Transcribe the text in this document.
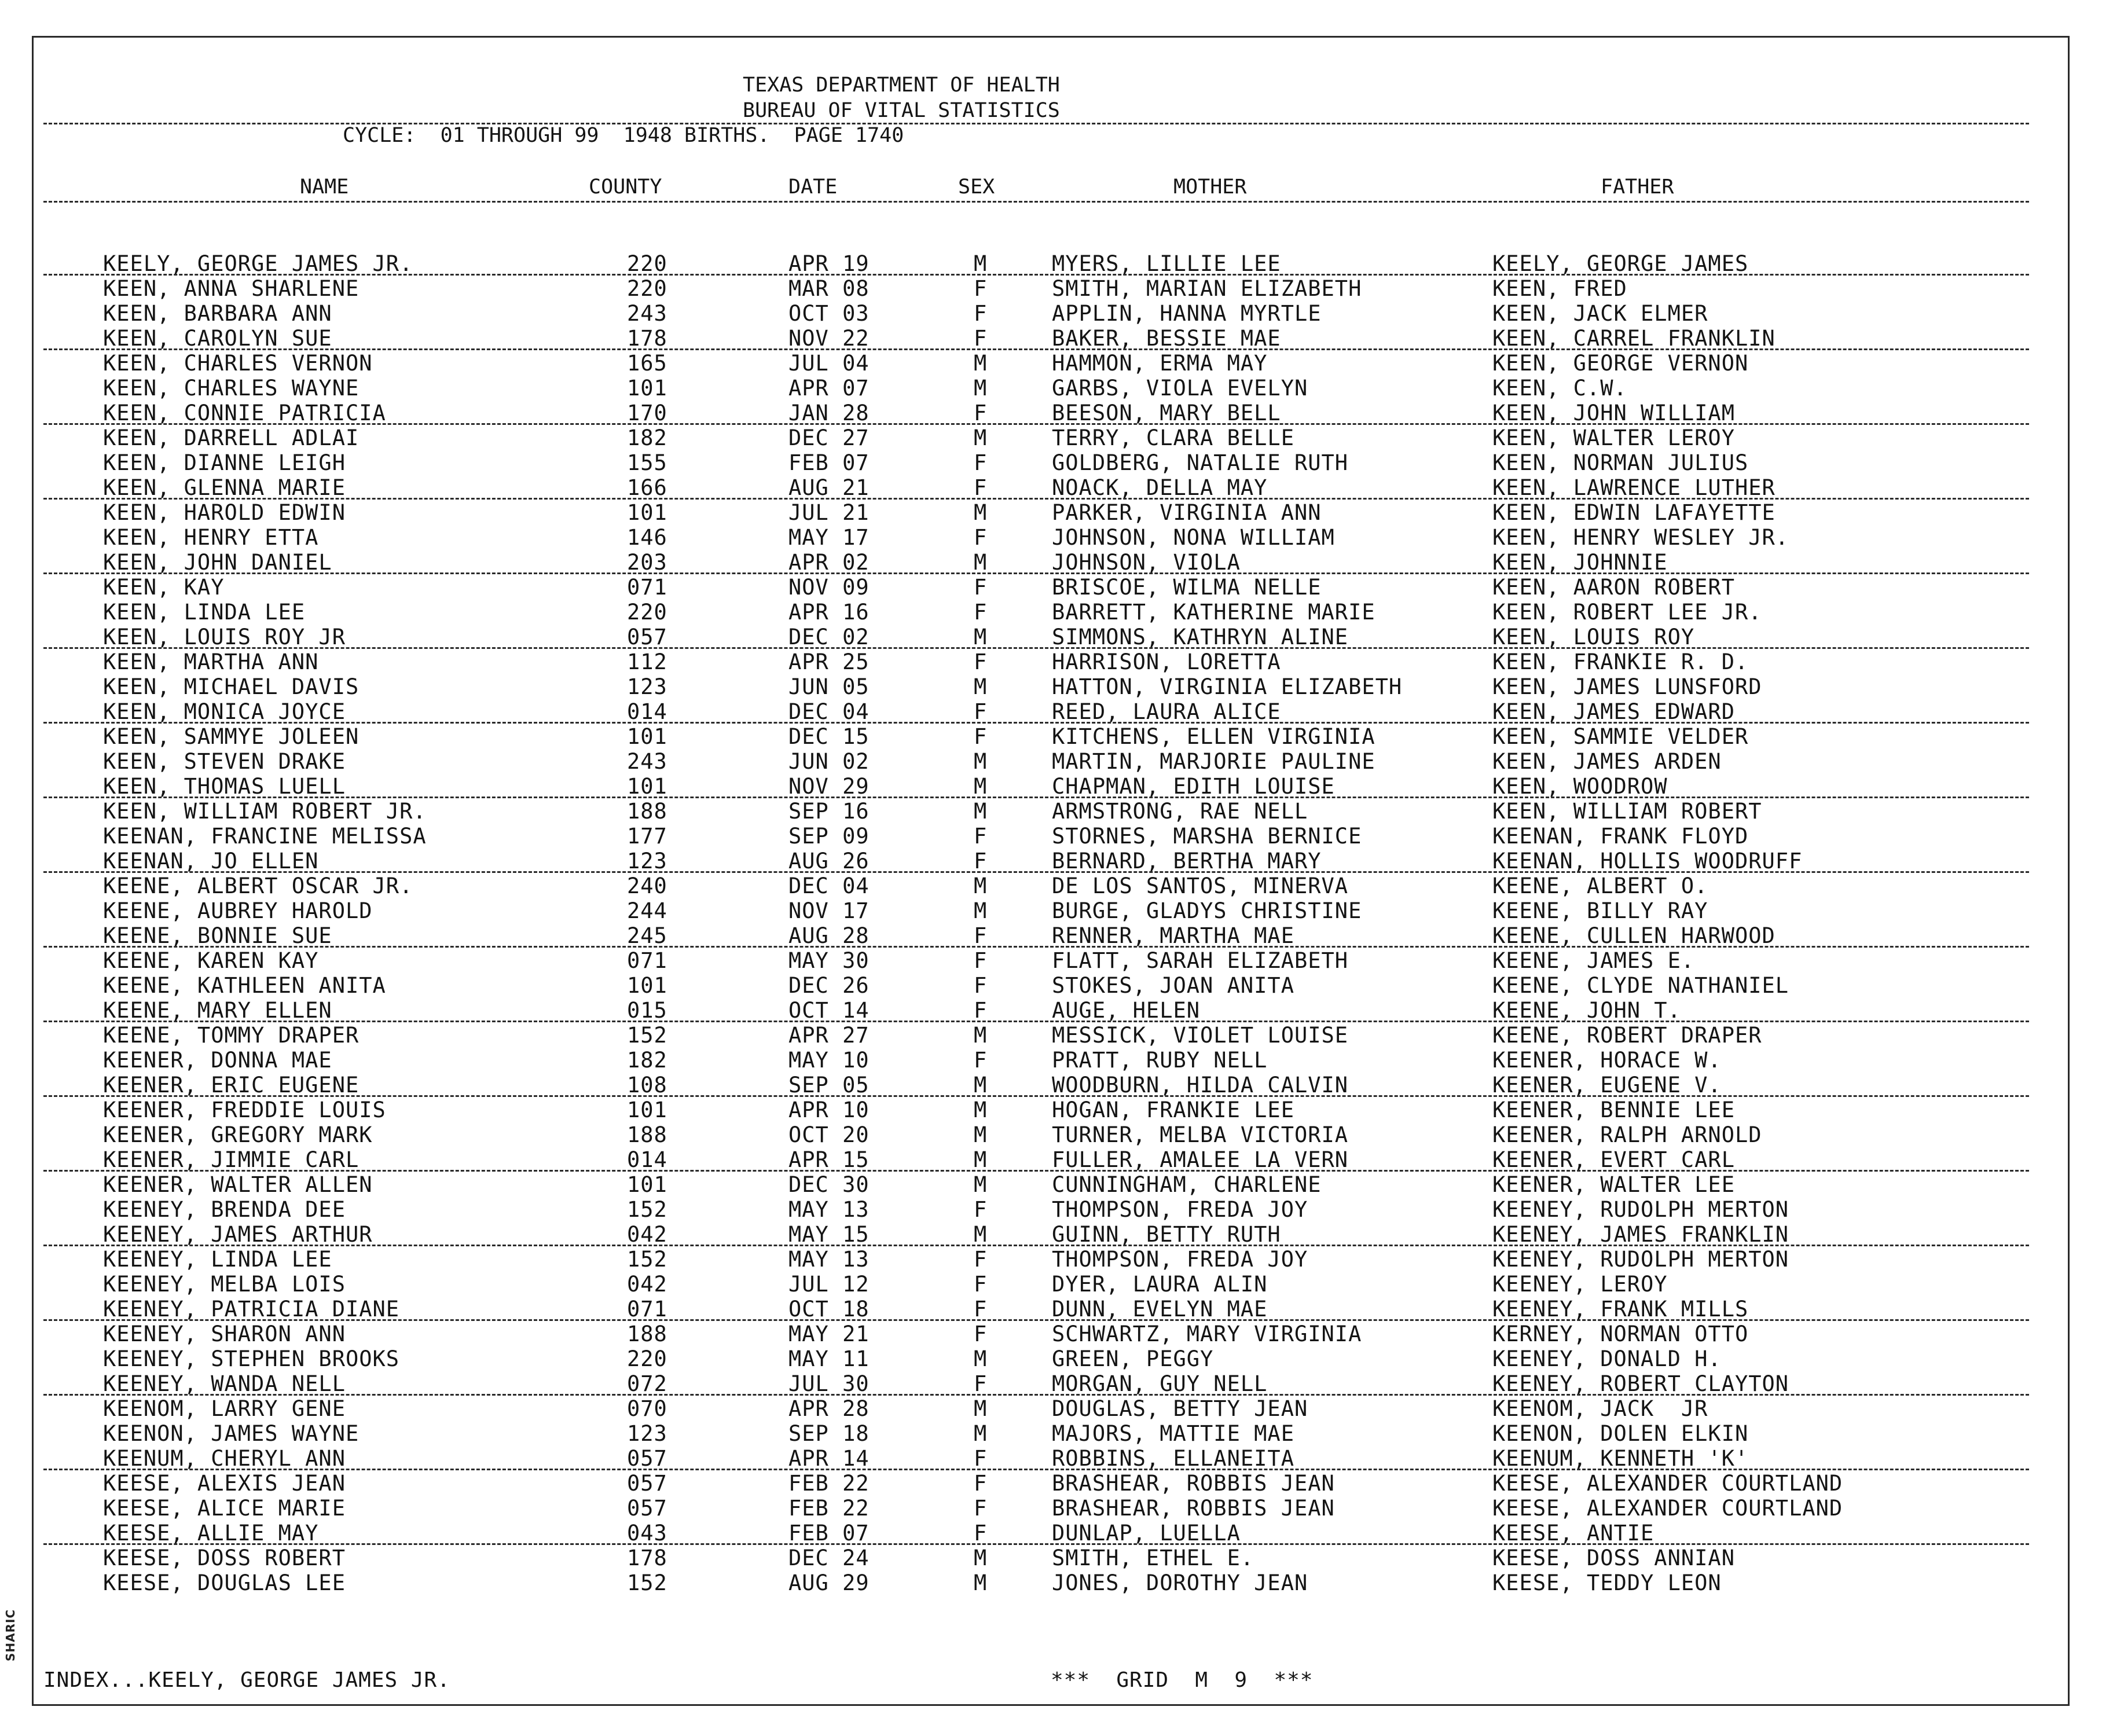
SHARIC
TEXAS DEPARTMENT OF HEALTH
BUREAU OF VITAL STATISTICS
CYCLE:  01 THROUGH 99  1948 BIRTHS.  PAGE 1740
NAME	COUNTY	DATE	SEX	MOTHER	FATHER
KEELY, GEORGE JAMES JR.	220	APR 19	M	MYERS, LILLIE LEE	KEELY, GEORGE JAMES
KEEN, ANNA SHARLENE	220	MAR 08	F	SMITH, MARIAN ELIZABETH	KEEN, FRED
KEEN, BARBARA ANN	243	OCT 03	F	APPLIN, HANNA MYRTLE	KEEN, JACK ELMER
KEEN, CAROLYN SUE	178	NOV 22	F	BAKER, BESSIE MAE	KEEN, CARREL FRANKLIN
KEEN, CHARLES VERNON	165	JUL 04	M	HAMMON, ERMA MAY	KEEN, GEORGE VERNON
KEEN, CHARLES WAYNE	101	APR 07	M	GARBS, VIOLA EVELYN	KEEN, C.W.
KEEN, CONNIE PATRICIA	170	JAN 28	F	BEESON, MARY BELL	KEEN, JOHN WILLIAM
KEEN, DARRELL ADLAI	182	DEC 27	M	TERRY, CLARA BELLE	KEEN, WALTER LEROY
KEEN, DIANNE LEIGH	155	FEB 07	F	GOLDBERG, NATALIE RUTH	KEEN, NORMAN JULIUS
KEEN, GLENNA MARIE	166	AUG 21	F	NOACK, DELLA MAY	KEEN, LAWRENCE LUTHER
KEEN, HAROLD EDWIN	101	JUL 21	M	PARKER, VIRGINIA ANN	KEEN, EDWIN LAFAYETTE
KEEN, HENRY ETTA	146	MAY 17	F	JOHNSON, NONA WILLIAM	KEEN, HENRY WESLEY JR.
KEEN, JOHN DANIEL	203	APR 02	M	JOHNSON, VIOLA	KEEN, JOHNNIE
KEEN, KAY	071	NOV 09	F	BRISCOE, WILMA NELLE	KEEN, AARON ROBERT
KEEN, LINDA LEE	220	APR 16	F	BARRETT, KATHERINE MARIE	KEEN, ROBERT LEE JR.
KEEN, LOUIS ROY JR	057	DEC 02	M	SIMMONS, KATHRYN ALINE	KEEN, LOUIS ROY
KEEN, MARTHA ANN	112	APR 25	F	HARRISON, LORETTA	KEEN, FRANKIE R. D.
KEEN, MICHAEL DAVIS	123	JUN 05	M	HATTON, VIRGINIA ELIZABETH	KEEN, JAMES LUNSFORD
KEEN, MONICA JOYCE	014	DEC 04	F	REED, LAURA ALICE	KEEN, JAMES EDWARD
KEEN, SAMMYE JOLEEN	101	DEC 15	F	KITCHENS, ELLEN VIRGINIA	KEEN, SAMMIE VELDER
KEEN, STEVEN DRAKE	243	JUN 02	M	MARTIN, MARJORIE PAULINE	KEEN, JAMES ARDEN
KEEN, THOMAS LUELL	101	NOV 29	M	CHAPMAN, EDITH LOUISE	KEEN, WOODROW
KEEN, WILLIAM ROBERT JR.	188	SEP 16	M	ARMSTRONG, RAE NELL	KEEN, WILLIAM ROBERT
KEENAN, FRANCINE MELISSA	177	SEP 09	F	STORNES, MARSHA BERNICE	KEENAN, FRANK FLOYD
KEENAN, JO ELLEN	123	AUG 26	F	BERNARD, BERTHA MARY	KEENAN, HOLLIS WOODRUFF
KEENE, ALBERT OSCAR JR.	240	DEC 04	M	DE LOS SANTOS, MINERVA	KEENE, ALBERT O.
KEENE, AUBREY HAROLD	244	NOV 17	M	BURGE, GLADYS CHRISTINE	KEENE, BILLY RAY
KEENE, BONNIE SUE	245	AUG 28	F	RENNER, MARTHA MAE	KEENE, CULLEN HARWOOD
KEENE, KAREN KAY	071	MAY 30	F	FLATT, SARAH ELIZABETH	KEENE, JAMES E.
KEENE, KATHLEEN ANITA	101	DEC 26	F	STOKES, JOAN ANITA	KEENE, CLYDE NATHANIEL
KEENE, MARY ELLEN	015	OCT 14	F	AUGE, HELEN	KEENE, JOHN T.
KEENE, TOMMY DRAPER	152	APR 27	M	MESSICK, VIOLET LOUISE	KEENE, ROBERT DRAPER
KEENER, DONNA MAE	182	MAY 10	F	PRATT, RUBY NELL	KEENER, HORACE W.
KEENER, ERIC EUGENE	108	SEP 05	M	WOODBURN, HILDA CALVIN	KEENER, EUGENE V.
KEENER, FREDDIE LOUIS	101	APR 10	M	HOGAN, FRANKIE LEE	KEENER, BENNIE LEE
KEENER, GREGORY MARK	188	OCT 20	M	TURNER, MELBA VICTORIA	KEENER, RALPH ARNOLD
KEENER, JIMMIE CARL	014	APR 15	M	FULLER, AMALEE LA VERN	KEENER, EVERT CARL
KEENER, WALTER ALLEN	101	DEC 30	M	CUNNINGHAM, CHARLENE	KEENER, WALTER LEE
KEENEY, BRENDA DEE	152	MAY 13	F	THOMPSON, FREDA JOY	KEENEY, RUDOLPH MERTON
KEENEY, JAMES ARTHUR	042	MAY 15	M	GUINN, BETTY RUTH	KEENEY, JAMES FRANKLIN
KEENEY, LINDA LEE	152	MAY 13	F	THOMPSON, FREDA JOY	KEENEY, RUDOLPH MERTON
KEENEY, MELBA LOIS	042	JUL 12	F	DYER, LAURA ALIN	KEENEY, LEROY
KEENEY, PATRICIA DIANE	071	OCT 18	F	DUNN, EVELYN MAE	KEENEY, FRANK MILLS
KEENEY, SHARON ANN	188	MAY 21	F	SCHWARTZ, MARY VIRGINIA	KERNEY, NORMAN OTTO
KEENEY, STEPHEN BROOKS	220	MAY 11	M	GREEN, PEGGY	KEENEY, DONALD H.
KEENEY, WANDA NELL	072	JUL 30	F	MORGAN, GUY NELL	KEENEY, ROBERT CLAYTON
KEENOM, LARRY GENE	070	APR 28	M	DOUGLAS, BETTY JEAN	KEENOM, JACK  JR
KEENON, JAMES WAYNE	123	SEP 18	M	MAJORS, MATTIE MAE	KEENON, DOLEN ELKIN
KEENUM, CHERYL ANN	057	APR 14	F	ROBBINS, ELLANEITA	KEENUM, KENNETH 'K'
KEESE, ALEXIS JEAN	057	FEB 22	F	BRASHEAR, ROBBIS JEAN	KEESE, ALEXANDER COURTLAND
KEESE, ALICE MARIE	057	FEB 22	F	BRASHEAR, ROBBIS JEAN	KEESE, ALEXANDER COURTLAND
KEESE, ALLIE MAY	043	FEB 07	F	DUNLAP, LUELLA	KEESE, ANTIE
KEESE, DOSS ROBERT	178	DEC 24	M	SMITH, ETHEL E.	KEESE, DOSS ANNIAN
KEESE, DOUGLAS LEE	152	AUG 29	M	JONES, DOROTHY JEAN	KEESE, TEDDY LEON
INDEX...KEELY, GEORGE JAMES JR.	***  GRID  M  9  ***
